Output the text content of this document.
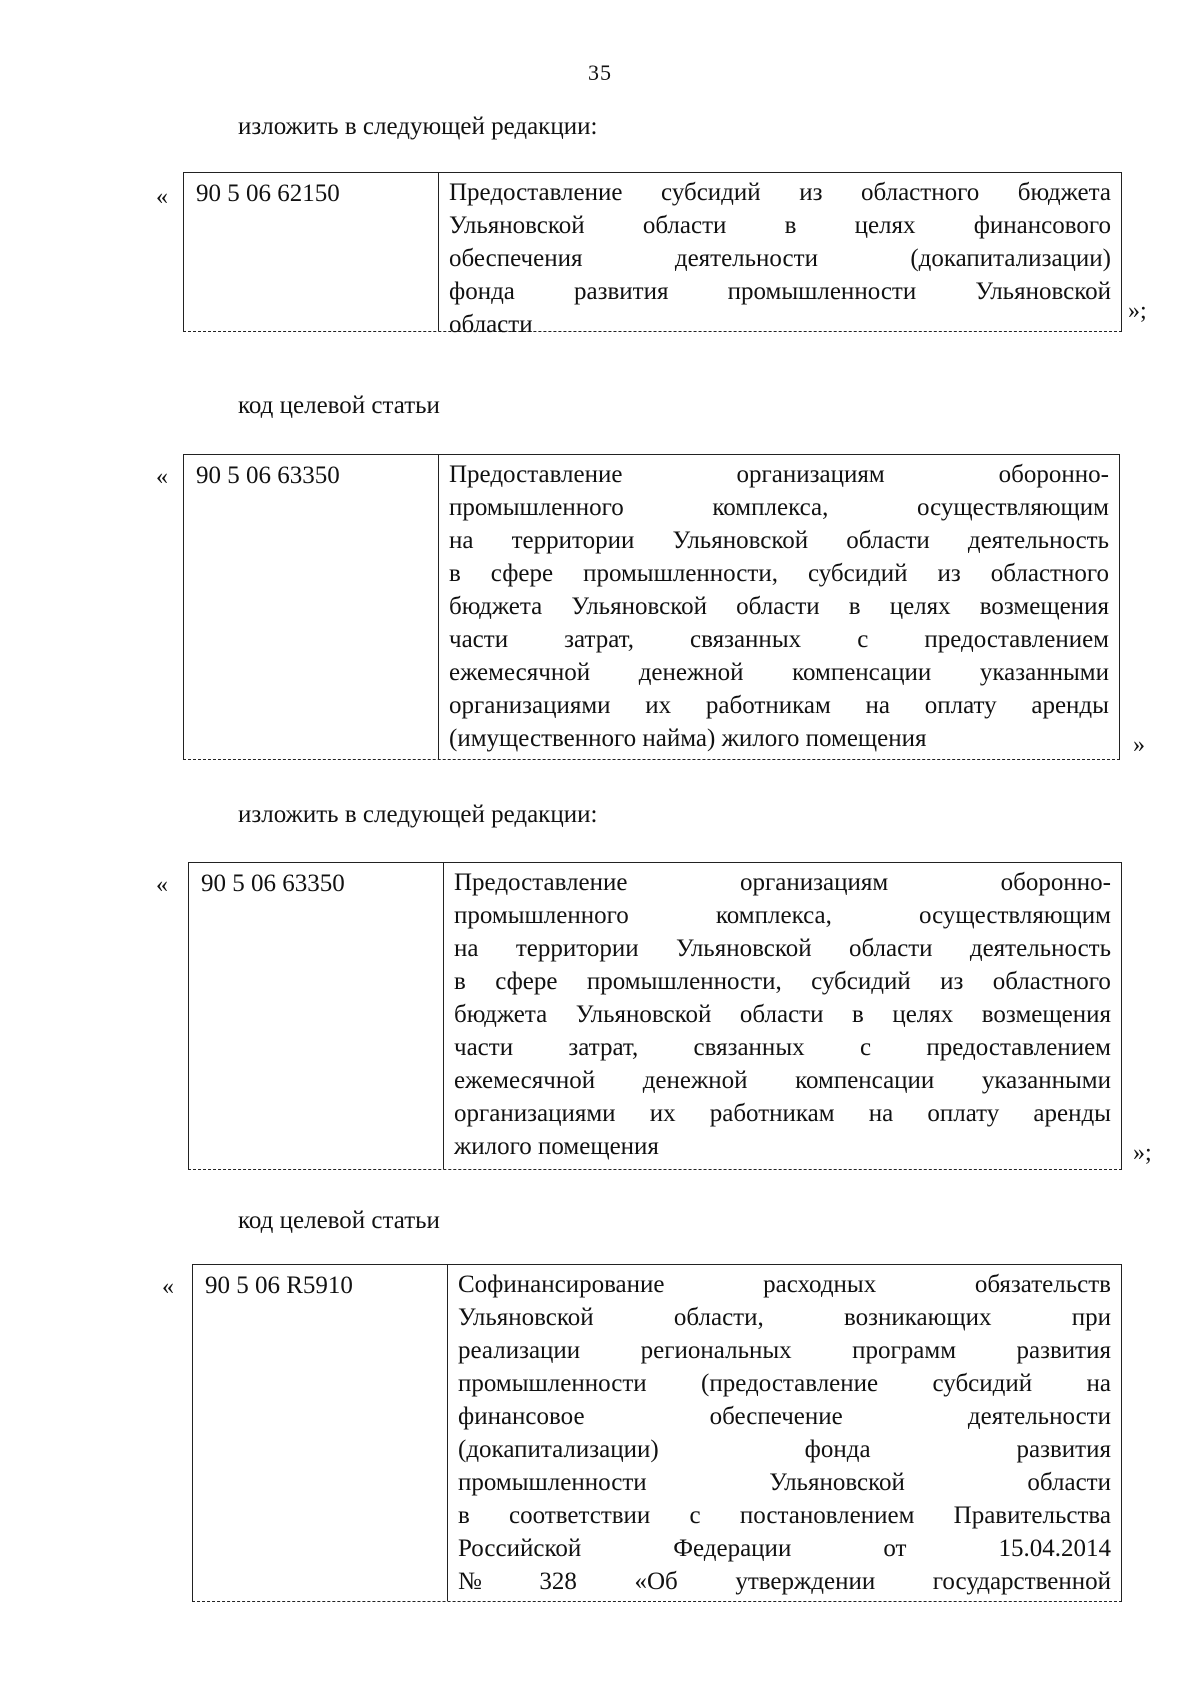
35
изложить в следующей редакции:
«	90 5 06 62150	Предоставление субсидий из областного бюджета
Ульяновской области в целях финансового
обеспечения	деятельности	(докапитализации)
фонда развития промышленности Ульяновской
области	»;
код целевой статьи
«	90 5 06 63350	Предоставление	организациям	оборонно-
промышленного	комплекса,	осуществляющим
на территории Ульяновской области деятельность
в сфере промышленности, субсидий из областного
бюджета Ульяновской области в целях возмещения
части затрат, связанных с предоставлением
ежемесячной денежной компенсации указанными
организациями их работникам на оплату аренды
(имущественного найма) жилого помещения	»
изложить в следующей редакции:
«	90 5 06 63350	Предоставление	организациям	оборонно-
промышленного	комплекса,	осуществляющим
на территории Ульяновской области деятельность
в сфере промышленности, субсидий из областного
бюджета Ульяновской области в целях возмещения
части затрат, связанных с предоставлением
ежемесячной денежной компенсации указанными
организациями их работникам на оплату аренды
жилого помещения	»;
код целевой статьи
«	90 5 06 R5910	Софинансирование	расходных	обязательств
Ульяновской	области,	возникающих	при
реализации региональных программ развития
промышленности (предоставление субсидий на
финансовое	обеспечение	деятельности
(докапитализации)	фонда	развития
промышленности	Ульяновской	области
в соответствии с постановлением Правительства
Российской	Федерации	от	15.04.2014
№ 328 «Об утверждении государственной
